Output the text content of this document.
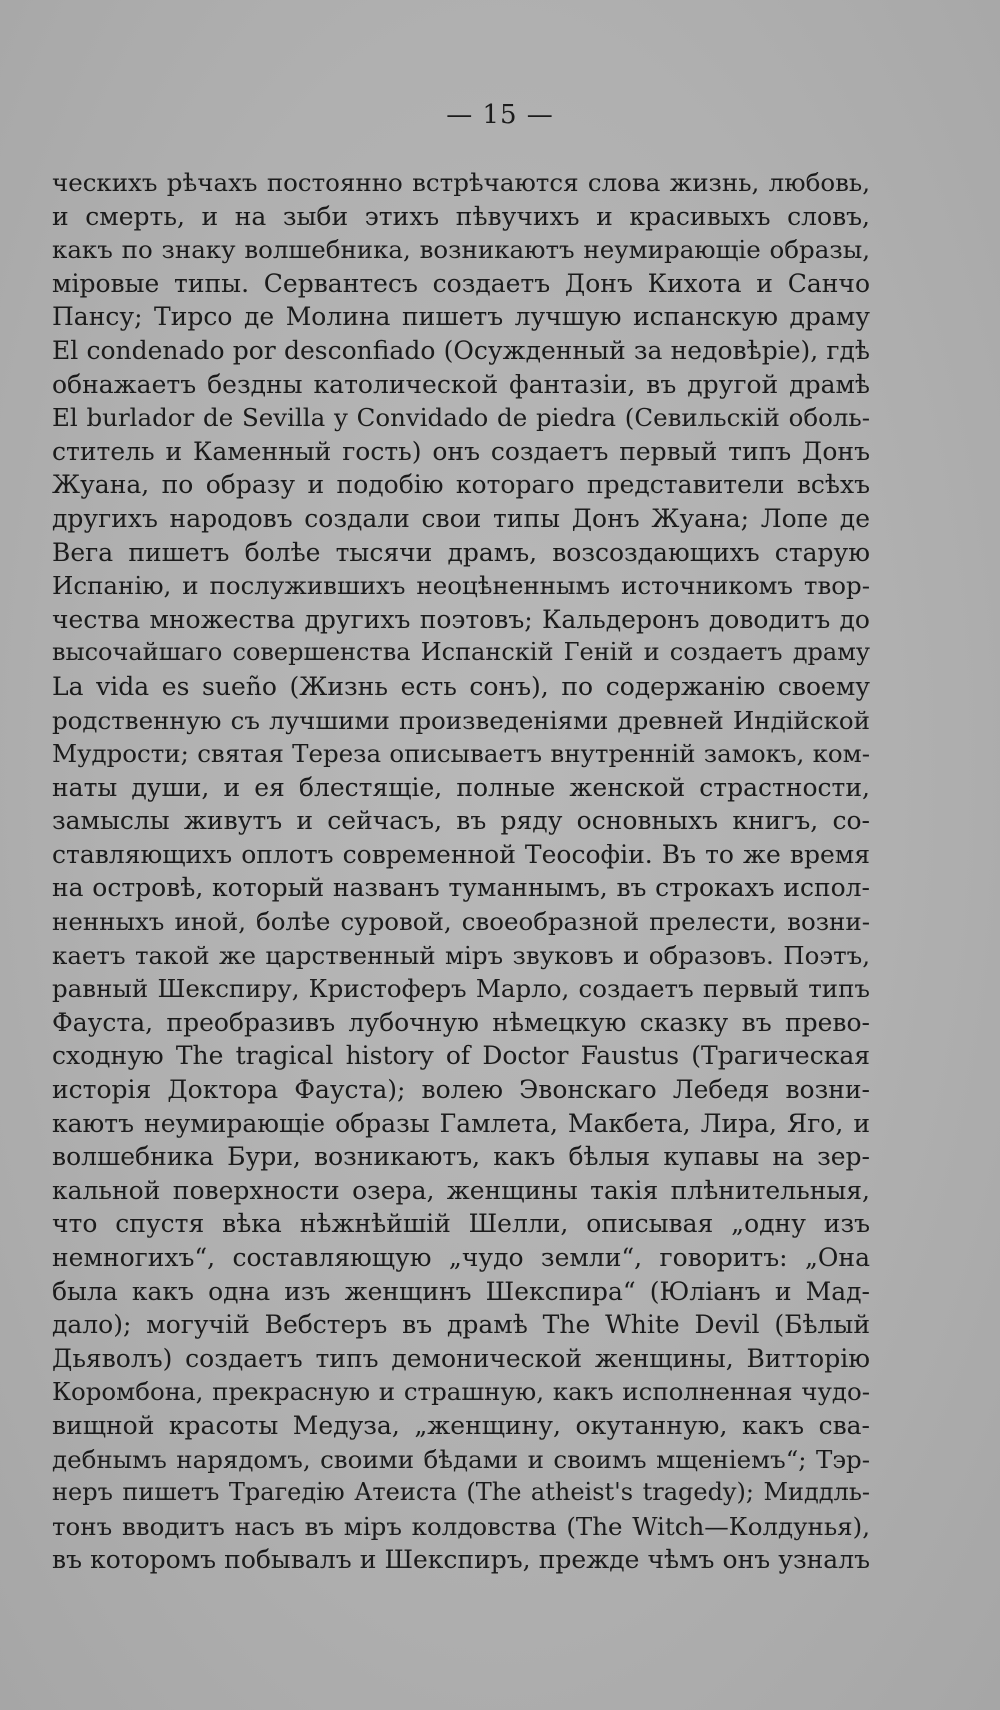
— 15 —
ческихъ рѣчахъ постоянно встрѣчаются слова жизнь, любовь,
и смерть, и на зыби этихъ пѣвучихъ и красивыхъ словъ,
какъ по знаку волшебника, возникаютъ неумирающіе образы,
міровые типы. Сервантесъ создаетъ Донъ Кихота и Санчо
Пансу; Тирсо де Молина пишетъ лучшую испанскую драму
El condenado por desconfiado (Осужденный за недовѣріе), гдѣ
обнажаетъ бездны католической фантазіи, въ другой драмѣ
El burlador de Sevilla y Convidado de piedra (Севильскій оболь-
ститель и Каменный гость) онъ создаетъ первый типъ Донъ
Жуана, по образу и подобію котораго представители всѣхъ
другихъ народовъ создали свои типы Донъ Жуана; Лопе де
Вега пишетъ болѣе тысячи драмъ, возсоздающихъ старую
Испанію, и послужившихъ неоцѣненнымъ источникомъ твор-
чества множества другихъ поэтовъ; Кальдеронъ доводитъ до
высочайшаго совершенства Испанскій Геній и создаетъ драму
La vida es sueño (Жизнь есть сонъ), по содержанію своему
родственную съ лучшими произведеніями древней Индійской
Мудрости; святая Тереза описываетъ внутренній замокъ, ком-
наты души, и ея блестящіе, полные женской страстности,
замыслы живутъ и сейчасъ, въ ряду основныхъ книгъ, со-
ставляющихъ оплотъ современной Теософіи. Въ то же время
на островѣ, который названъ туманнымъ, въ строкахъ испол-
ненныхъ иной, болѣе суровой, своеобразной прелести, возни-
каетъ такой же царственный міръ звуковъ и образовъ. Поэтъ,
равный Шекспиру, Кристоферъ Марло, создаетъ первый типъ
Фауста, преобразивъ лубочную нѣмецкую сказку въ прево-
сходную The tragical history of Doctor Faustus (Трагическая
исторія Доктора Фауста); волею Эвонскаго Лебедя возни-
каютъ неумирающіе образы Гамлета, Макбета, Лира, Яго, и
волшебника Бури, возникаютъ, какъ бѣлыя купавы на зер-
кальной поверхности озера, женщины такія плѣнительныя,
что спустя вѣка нѣжнѣйшій Шелли, описывая „одну изъ
немногихъ“, составляющую „чудо земли“, говоритъ: „Она
была какъ одна изъ женщинъ Шекспира“ (Юліанъ и Мад-
дало); могучій Вебстеръ въ драмѣ The White Devil (Бѣлый
Дьяволъ) создаетъ типъ демонической женщины, Витторію
Коромбона, прекрасную и страшную, какъ исполненная чудо-
вищной красоты Медуза, „женщину, окутанную, какъ сва-
дебнымъ нарядомъ, своими бѣдами и своимъ мщеніемъ“; Тэр-
неръ пишетъ Трагедію Атеиста (The atheist's tragedy); Миддль-
тонъ вводитъ насъ въ міръ колдовства (The Witch—Колдунья),
въ которомъ побывалъ и Шекспиръ, прежде чѣмъ онъ узналъ
